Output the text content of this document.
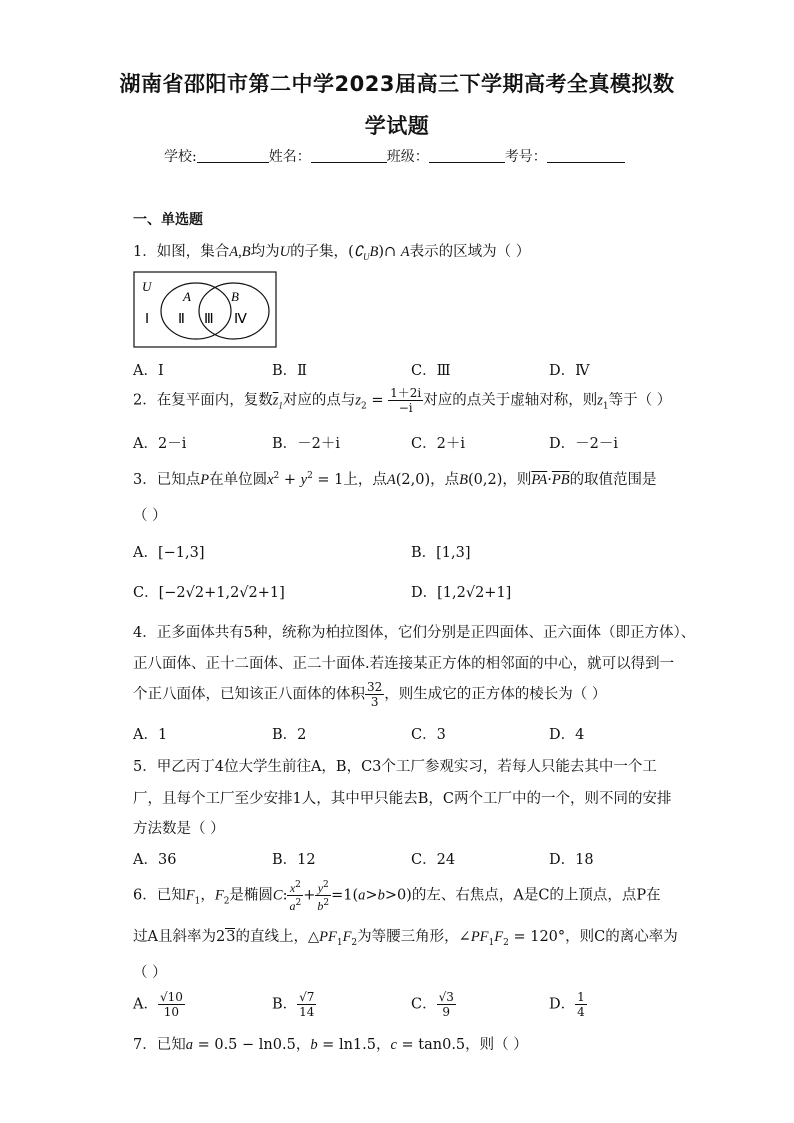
湖南省邵阳市第二中学2023届高三下学期高考全真模拟数
学试题
学校:	姓名：	班级：	考号：
一、单选题
1．如图，集合A,B均为U的子集，$(∁_UB)\cap$ A表示的区域为（ ）
U
A	B
Ⅰ Ⅱ Ⅲ Ⅳ
A．Ⅰ	B．Ⅱ	C．Ⅲ	D．Ⅳ
2．在复平面内，复数$\overline{z}_1$对应的点与$z_2 = \frac{1+2i}{-i}$ 对应的点关于虚轴对称，则$z_1$等于（ ）
A．2－i	B．－2＋i	C．2＋i	D．－2－i
3．已知点P在单位圆$x^2 + y^2 = 1$上，点A(2,0)，点B(0,2)，则$\overline{PA}\cdot\overline{PB}$的取值范围是
（ ）
A．[−1,3]	B．[1,3]
C．[−2√2+1,2√2+1]	D．[1,2√2+1]
4．正多面体共有5种，统称为柏拉图体，它们分别是正四面体、正六面体（即正方体）、
正八面体、正十二面体、正二十面体.若连接某正方体的相邻面的中心，就可以得到一
个正八面体，已知该正八面体的体积 $\frac{32}{3}$ ，则生成它的正方体的棱长为（ ）
A．1	B．2	C．3	D．4
5．甲乙丙丁4位大学生前往A，B，C3个工厂参观实习，若每人只能去其中一个工
厂，且每个工厂至少安排1人，其中甲只能去B，C两个工厂中的一个，则不同的安排
方法数是（ ）
A．36	B．12	C．24	D．18
6．已知$F_1$，$F_2$是椭圆C: $\frac{x^2}{a^2} + \frac{y^2}{b^2} =1(a>b>0)$的左、右焦点，A是C的上顶点，点P在
过A且斜率为23的直线上，$\triangle PF_1F_2$为等腰三角形，$\angle PF_1F_2 = 120^\circ$，则C的离心率为
（ ）
A． $\frac{√10}{10}$	B． $\frac{√7}{14}$	C． $\frac{√3}{9}$	D． $\frac{1}{4}$
7．已知a = 0.5 − ln0.5，b = ln1.5，c = tan0.5，则（ ）
